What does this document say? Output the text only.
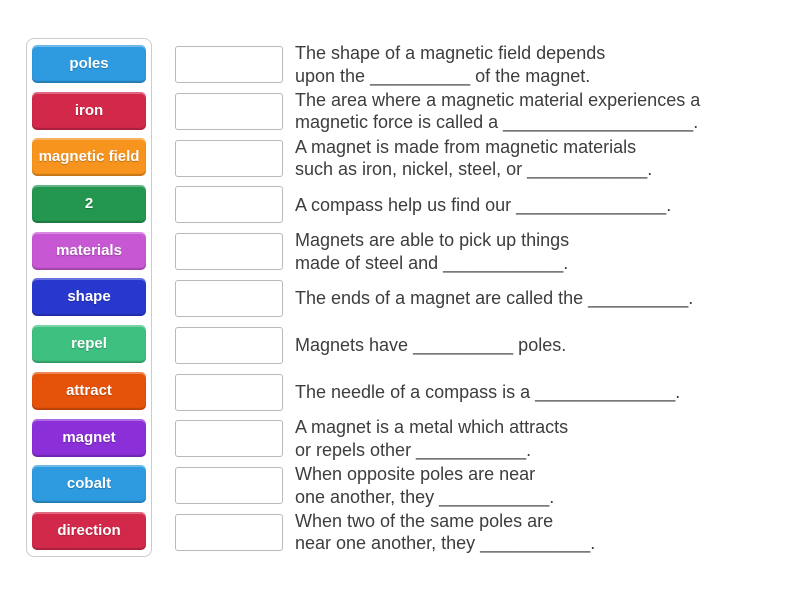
poles
iron
magnetic field
2
materials
shape
repel
attract
magnet
cobalt
direction
The shape of a magnetic field depends
upon the __________ of the magnet.
The area where a magnetic material experiences a
magnetic force is called a ___________________.
A magnet is made from magnetic materials
such as iron, nickel, steel, or ____________.
A compass help us find our _______________.
Magnets are able to pick up things
made of steel and ____________.
The ends of a magnet are called the __________.
Magnets have __________ poles.
The needle of a compass is a ______________.
A magnet is a metal which attracts
or repels other ___________.
When opposite poles are near
one another, they ___________.
When two of the same poles are
near one another, they ___________.
